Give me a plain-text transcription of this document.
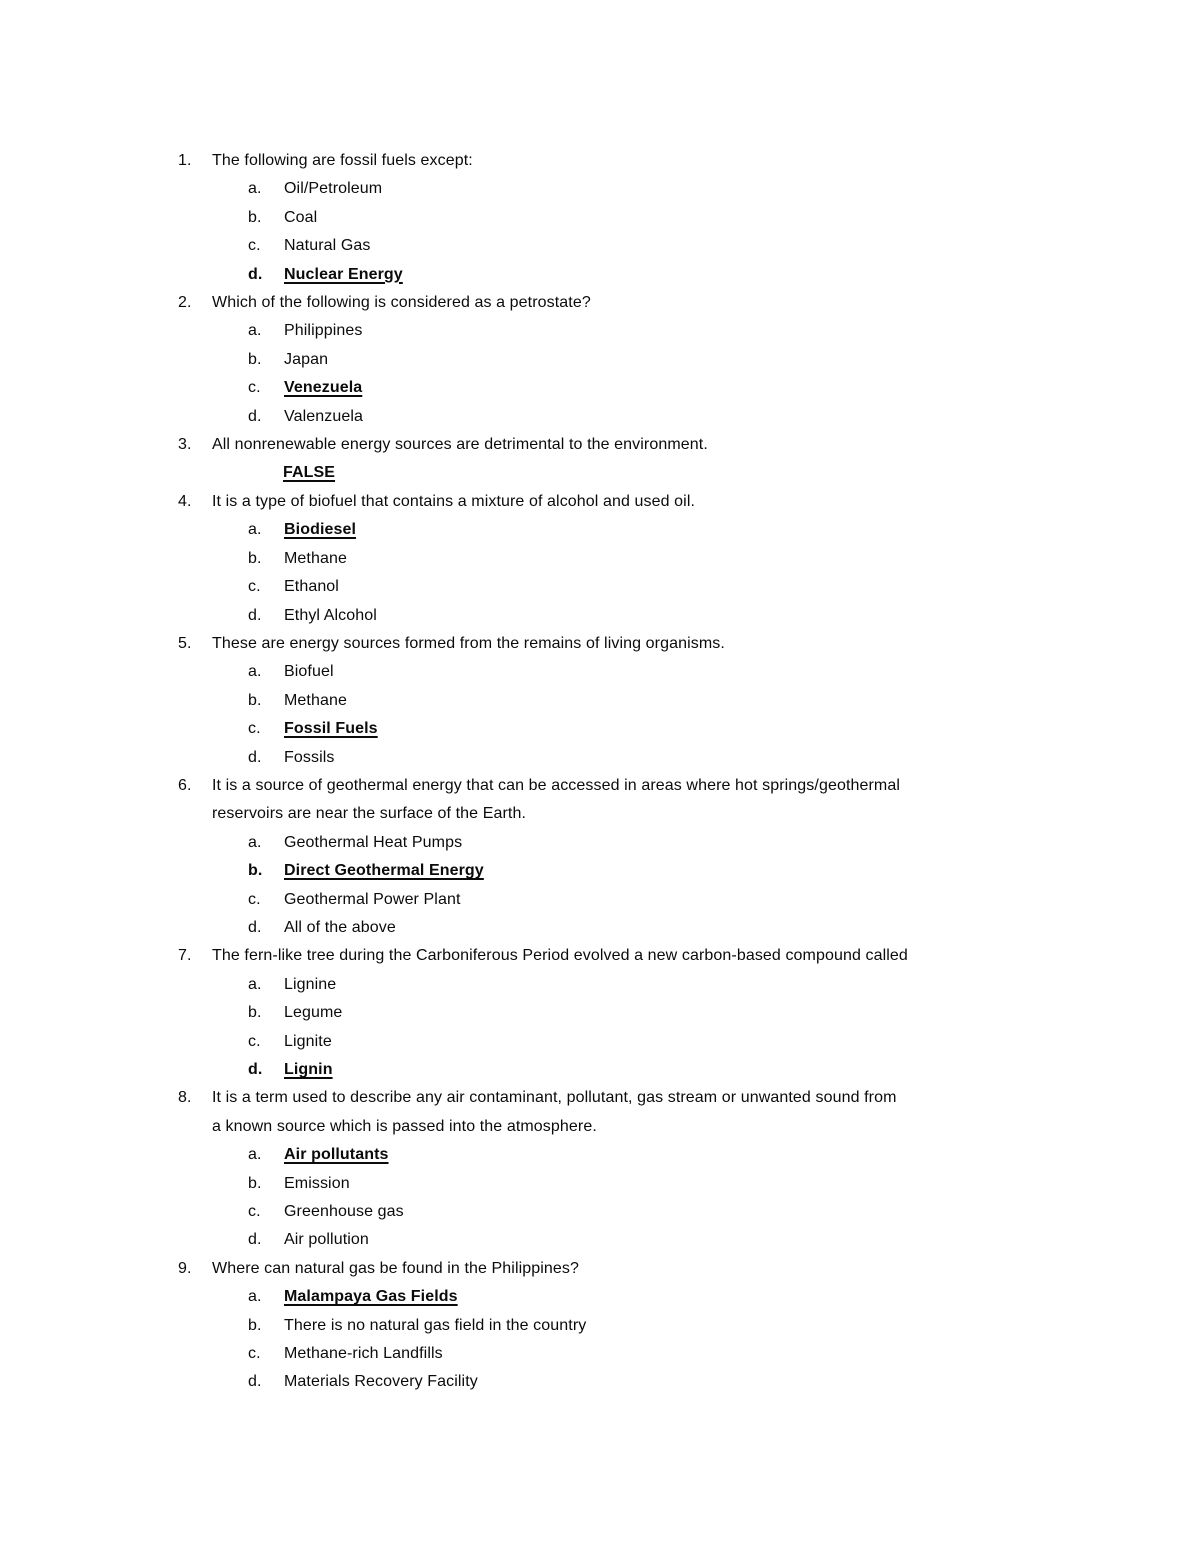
1.	The following are fossil fuels except:
a.	Oil/Petroleum
b.	Coal
c.	Natural Gas
d.	Nuclear Energy
2.	Which of the following is considered as a petrostate?
a.	Philippines
b.	Japan
c.	Venezuela
d.	Valenzuela
3.	All nonrenewable energy sources are detrimental to the environment.
FALSE
4.	It is a type of biofuel that contains a mixture of alcohol and used oil.
a.	Biodiesel
b.	Methane
c.	Ethanol
d.	Ethyl Alcohol
5.	These are energy sources formed from the remains of living organisms.
a.	Biofuel
b.	Methane
c.	Fossil Fuels
d.	Fossils
6.	It is a source of geothermal energy that can be accessed in areas where hot springs/geothermal
reservoirs are near the surface of the Earth.
a.	Geothermal Heat Pumps
b.	Direct Geothermal Energy
c.	Geothermal Power Plant
d.	All of the above
7.	The fern-like tree during the Carboniferous Period evolved a new carbon-based compound called
a.	Lignine
b.	Legume
c.	Lignite
d.	Lignin
8.	It is a term used to describe any air contaminant, pollutant, gas stream or unwanted sound from
a known source which is passed into the atmosphere.
a.	Air pollutants
b.	Emission
c.	Greenhouse gas
d.	Air pollution
9.	Where can natural gas be found in the Philippines?
a.	Malampaya Gas Fields
b.	There is no natural gas field in the country
c.	Methane-rich Landfills
d.	Materials Recovery Facility
